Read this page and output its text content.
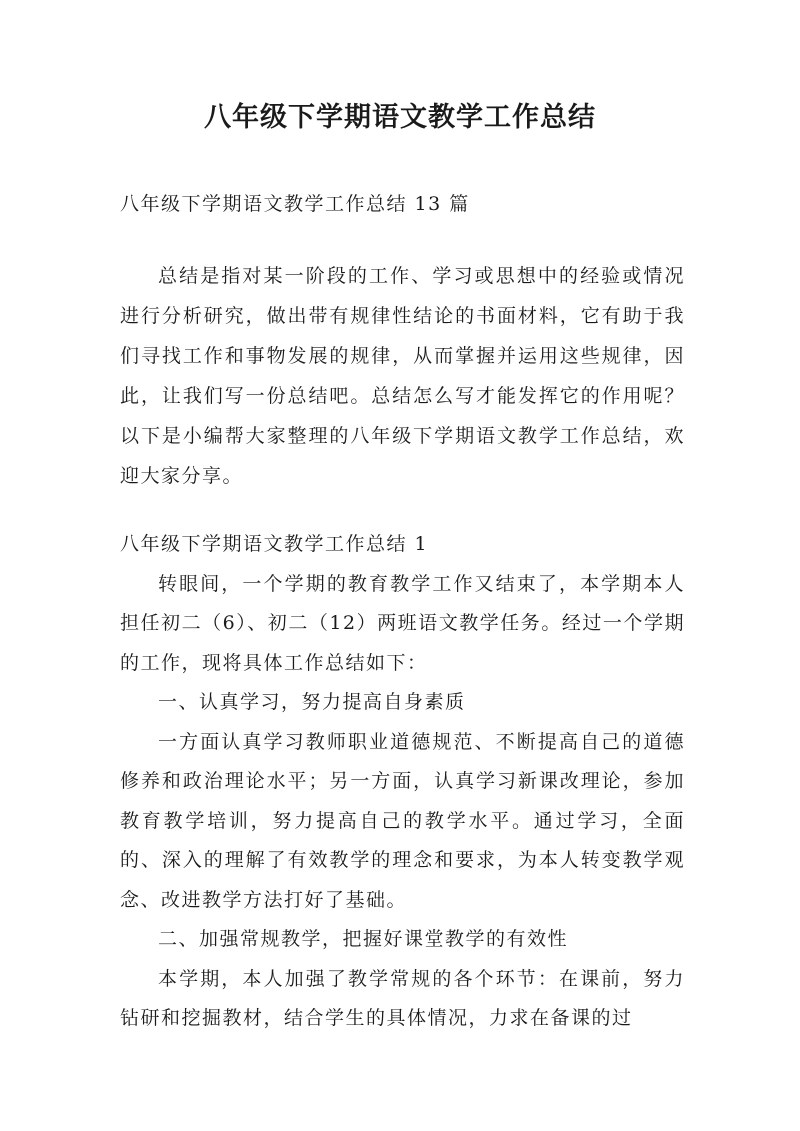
八年级下学期语文教学工作总结

八年级下学期语文教学工作总结 13 篇

总结是指对某一阶段的工作、学习或思想中的经验或情况进行分析研究，做出带有规律性结论的书面材料，它有助于我们寻找工作和事物发展的规律，从而掌握并运用这些规律，因此，让我们写一份总结吧。总结怎么写才能发挥它的作用呢？以下是小编帮大家整理的八年级下学期语文教学工作总结，欢迎大家分享。

八年级下学期语文教学工作总结 1

转眼间，一个学期的教育教学工作又结束了，本学期本人担任初二（6）、初二（12）两班语文教学任务。经过一个学期的工作，现将具体工作总结如下：

一、认真学习，努力提高自身素质

一方面认真学习教师职业道德规范、不断提高自己的道德修养和政治理论水平；另一方面，认真学习新课改理论，参加教育教学培训，努力提高自己的教学水平。通过学习，全面的、深入的理解了有效教学的理念和要求，为本人转变教学观念、改进教学方法打好了基础。

二、加强常规教学，把握好课堂教学的有效性

本学期，本人加强了教学常规的各个环节：在课前，努力钻研和挖掘教材，结合学生的具体情况，力求在备课的过
